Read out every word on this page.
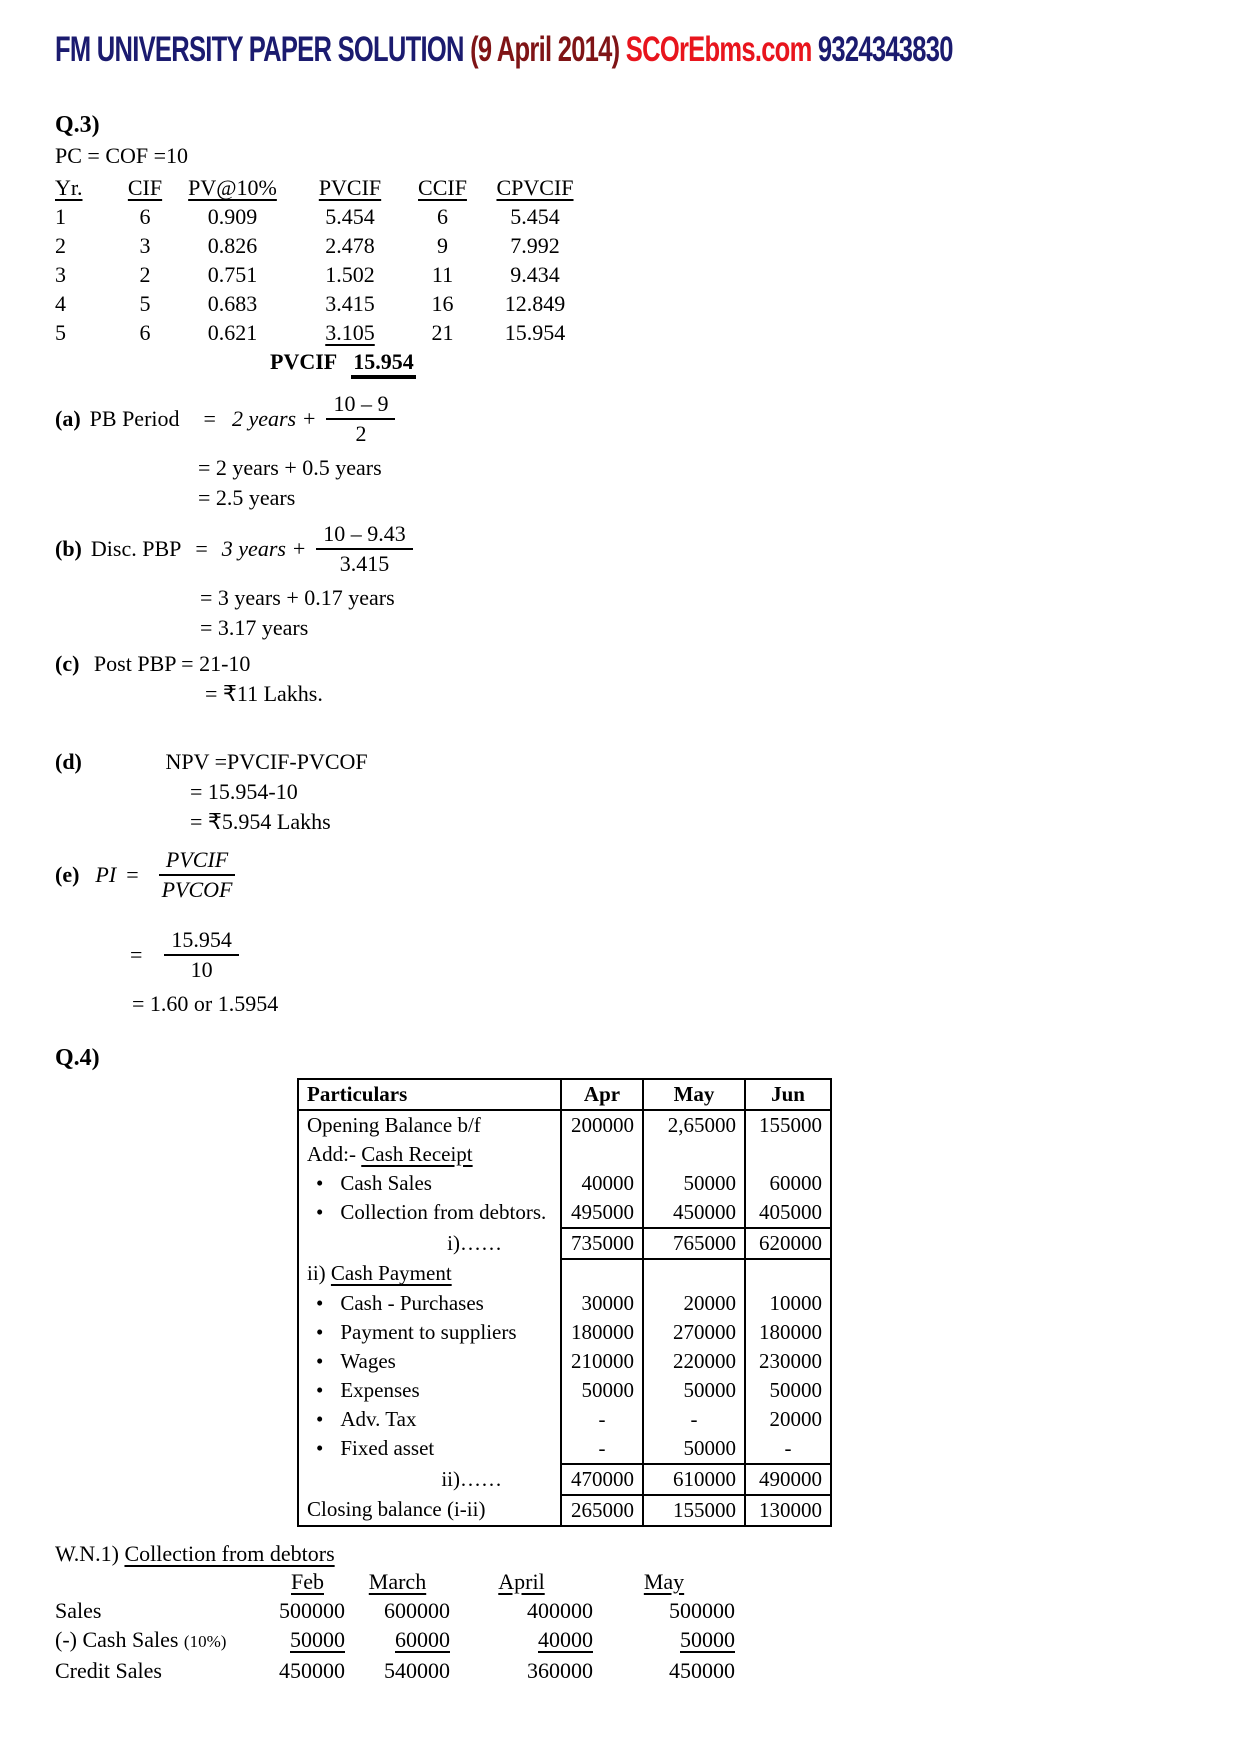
FM UNIVERSITY PAPER SOLUTION (9 April 2014) SCOrEbms.com 9324343830
Q.3)
PC = COF =10
Yr.	CIF	PV@10%	PVCIF	CCIF	CPVCIF
1	6	0.909	5.454	6	5.454
2	3	0.826	2.478	9	7.992
3	2	0.751	1.502	11	9.434
4	5	0.683	3.415	16	12.849
5	6	0.621	3.105	21	15.954
PVCIF 15.954
(a) PB Period = 2 years + $\frac{10 - 9}{2}$
= 2 years + 0.5 years
= 2.5 years
(b) Disc. PBP = 3 years + $\frac{10 - 9.43}{3.415}$
= 3 years + 0.17 years
= 3.17 years
(c) Post PBP = 21-10
= ₹11 Lakhs.
(d)	NPV =PVCIF-PVCOF
= 15.954-10
= ₹5.954 Lakhs
(e) PI = $\frac{\text{PVCIF}}{\text{PVCOF}}$
= $\frac{15.954}{10}$
= 1.60 or 1.5954
Q.4)
Particulars	Apr	May	Jun
Opening Balance b/f	200000	2,65000	155000
Add:- Cash Receipt			
• Cash Sales	40000	50000	60000
• Collection from debtors.	495000	450000	405000
i)……	735000	765000	620000
ii) Cash Payment			
• Cash - Purchases	30000	20000	10000
• Payment to suppliers	180000	270000	180000
• Wages	210000	220000	230000
• Expenses	50000	50000	50000
• Adv. Tax	-	-	20000
• Fixed asset	-	50000	-
ii)……	470000	610000	490000
Closing balance (i-ii)	265000	155000	130000
W.N.1) Collection from debtors
Feb	March	April	May
Sales	500000	600000	400000	500000
(-) Cash Sales (10%)	50000	60000	40000	50000
Credit Sales	450000	540000	360000	450000
